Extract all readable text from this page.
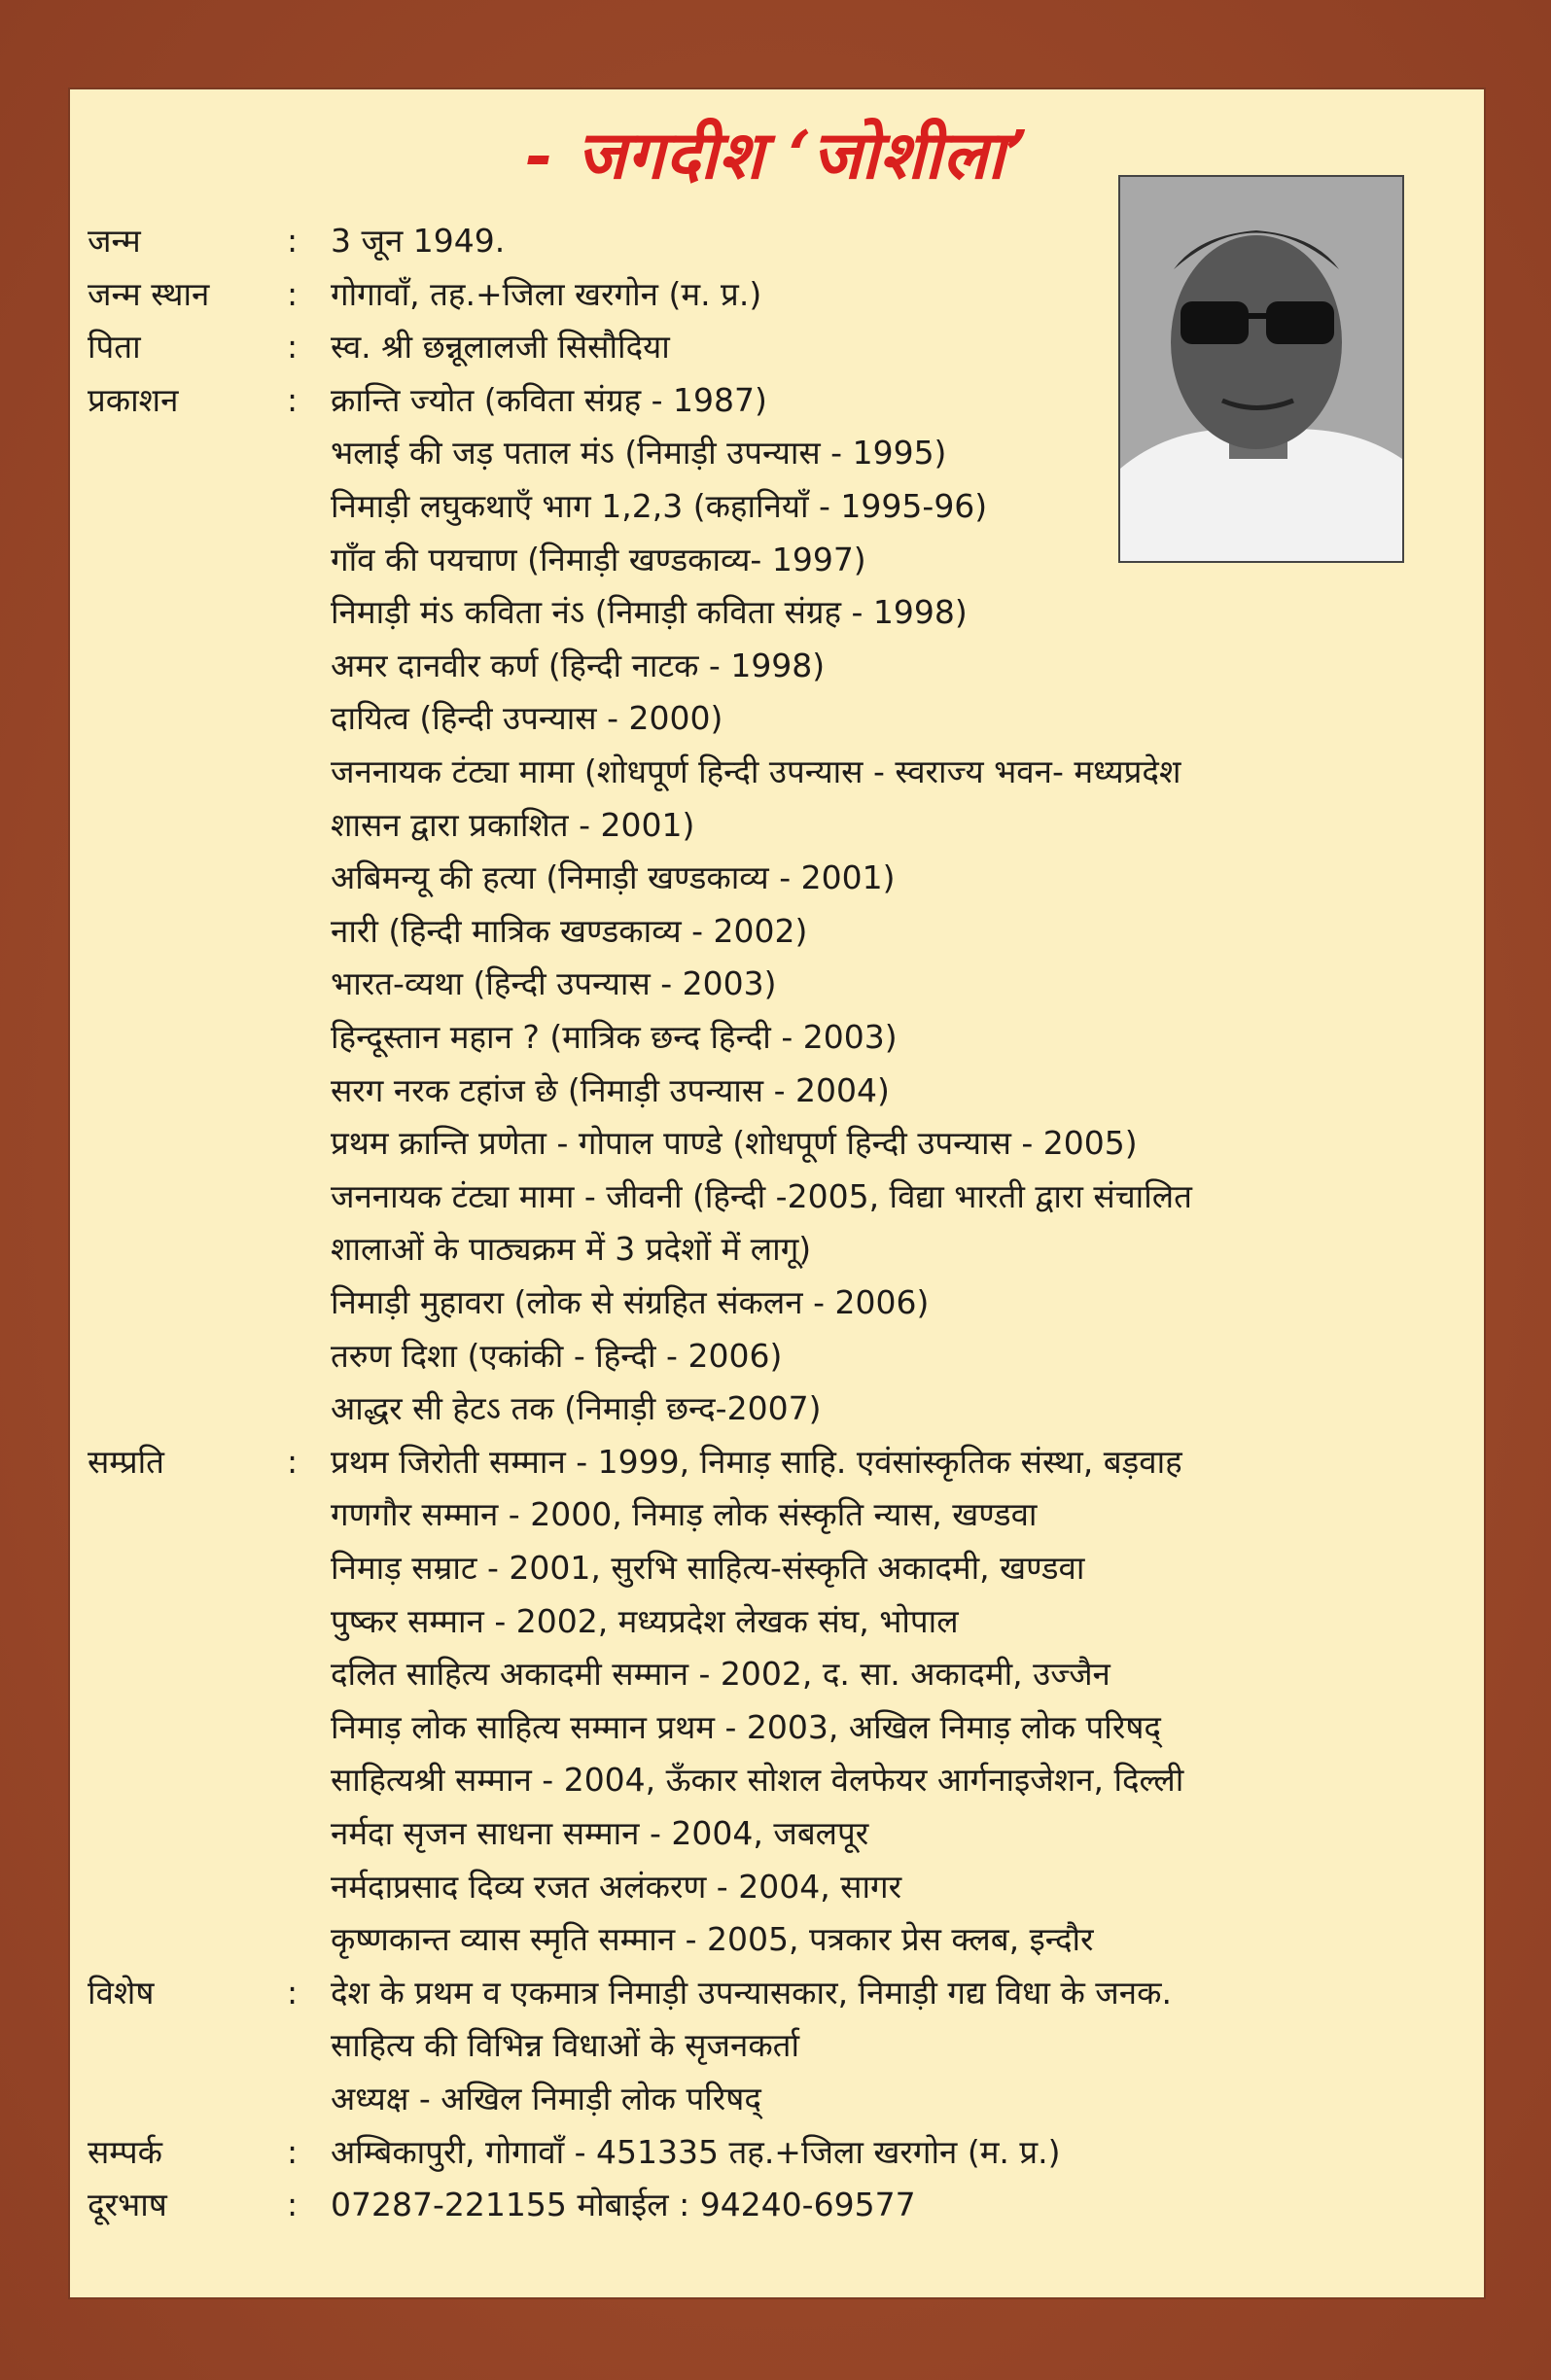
- जगदीश ‘जोशीला’
जन्म	:	3 जून 1949.
जन्म स्थान	:	गोगावाँ, तह.+जिला खरगोन (म. प्र.)
पिता	:	स्व. श्री छन्नूलालजी सिसौदिया
प्रकाशन	:	क्रान्ति ज्योत (कविता संग्रह - 1987)
भलाई की जड़ पताल मंऽ (निमाड़ी उपन्यास - 1995)
निमाड़ी लघुकथाएँ भाग 1,2,3 (कहानियाँ - 1995-96)
गाँव की पयचाण (निमाड़ी खण्डकाव्य- 1997)
निमाड़ी मंऽ कविता नंऽ (निमाड़ी कविता संग्रह - 1998)
अमर दानवीर कर्ण (हिन्दी नाटक - 1998)
दायित्व (हिन्दी उपन्यास - 2000)
जननायक टंट्या मामा (शोधपूर्ण हिन्दी उपन्यास - स्वराज्य भवन- मध्यप्रदेश
शासन द्वारा प्रकाशित - 2001)
अबिमन्यू की हत्या (निमाड़ी खण्डकाव्य - 2001)
नारी (हिन्दी मात्रिक खण्डकाव्य - 2002)
भारत-व्यथा (हिन्दी उपन्यास - 2003)
हिन्दूस्तान महान ? (मात्रिक छन्द हिन्दी - 2003)
सरग नरक टहांज छे (निमाड़ी उपन्यास - 2004)
प्रथम क्रान्ति प्रणेता - गोपाल पाण्डे (शोधपूर्ण हिन्दी उपन्यास - 2005)
जननायक टंट्या मामा - जीवनी (हिन्दी -2005, विद्या भारती द्वारा संचालित
शालाओं के पाठ्यक्रम में 3 प्रदेशों में लागू)
निमाड़ी मुहावरा (लोक से संग्रहित संकलन - 2006)
तरुण दिशा (एकांकी - हिन्दी - 2006)
आद्धर सी हेटऽ तक (निमाड़ी छन्द-2007)
सम्प्रति	:	प्रथम जिरोती सम्मान - 1999, निमाड़ साहि. एवंसांस्कृतिक संस्था, बड़वाह
गणगौर सम्मान - 2000, निमाड़ लोक संस्कृति न्यास, खण्डवा
निमाड़ सम्राट - 2001, सुरभि साहित्य-संस्कृति अकादमी, खण्डवा
पुष्कर सम्मान - 2002, मध्यप्रदेश लेखक संघ, भोपाल
दलित साहित्य अकादमी सम्मान - 2002, द. सा. अकादमी, उज्जैन
निमाड़ लोक साहित्य सम्मान प्रथम - 2003, अखिल निमाड़ लोक परिषद्
साहित्यश्री सम्मान - 2004, ऊँकार सोशल वेलफेयर आर्गनाइजेशन, दिल्ली
नर्मदा सृजन साधना सम्मान - 2004, जबलपूर
नर्मदाप्रसाद दिव्य रजत अलंकरण - 2004, सागर
कृष्णकान्त व्यास स्मृति सम्मान - 2005, पत्रकार प्रेस क्लब, इन्दौर
विशेष	:	देश के प्रथम व एकमात्र निमाड़ी उपन्यासकार, निमाड़ी गद्य विधा के जनक.
साहित्य की विभिन्न विधाओं के सृजनकर्ता
अध्यक्ष - अखिल निमाड़ी लोक परिषद्
सम्पर्क	:	अम्बिकापुरी, गोगावाँ - 451335 तह.+जिला खरगोन (म. प्र.)
दूरभाष	:	07287-221155 मोबाईल : 94240-69577
